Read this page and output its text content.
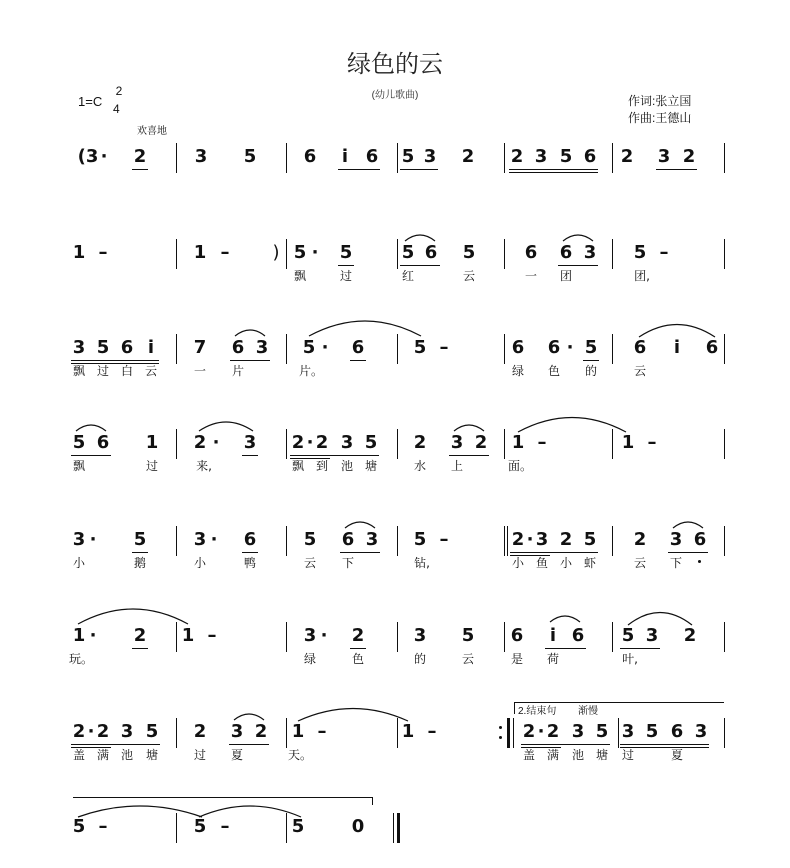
绿色的云
(幼儿歌曲)
1=C
2
4
欢喜地
作词:张立国
作曲:王德山
(3 · 2	3 5	6 i 6 5 3 2 2 3 5 6 2 3 2
1 –	1 – ) 5 · 5	5 6 5	6 6 3 5 –
飘	过	红	云	一 团	团,
3 5 6 i 7 6 3 5 · 6	5 –	6 6 · 5 6 i 6
飘 过 白 云	一 片	片。	绿 色 的	云
5 6 1 2 · 3 2 · 2 3 5 2 3 2 1 –	1 –
飘	过	来,	飘 到 池 塘	水 上	面。
3 · 5	3 · 6	5 6 3 5 –	2 · 3 2 5 2 3 6
小	鹅	小	鸭	云 下	钻,	小 鱼 小 虾	云 下
1 · 2 1 –	3 · 2	3 5 6 i 6 5 3 2
玩。	绿	色	的	云	是 荷	叶,
2.结束句 渐慢
2 · 2 3 5 2 3 2 1 –	1 –	2 · 2 3 5 3 5 6 3
盖 满 池 塘	过 夏	天。	盖 满 池 塘 过	夏
5 –	5 –	5	0
